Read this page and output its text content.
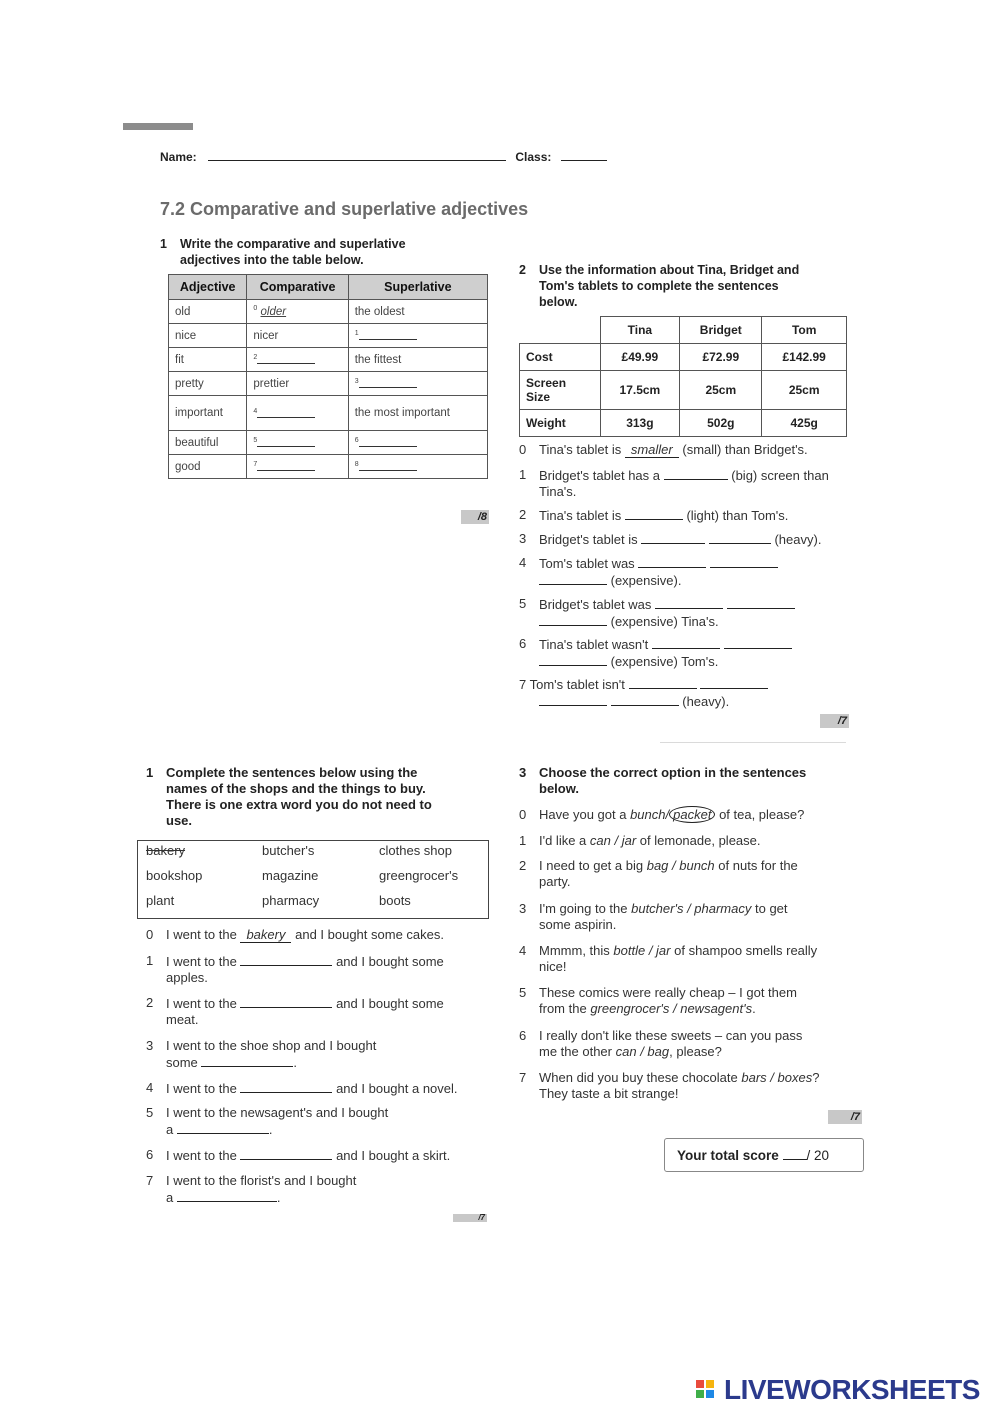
Name:	Class:
7.2 Comparative and superlative adjectives
1 Write the comparative and superlative
adjectives into the table below.
Adjective	Comparative	Superlative
old	$^0$ older	the oldest
nice	nicer	$^1$
fit	$^2$	the fittest
pretty	prettier	$^3$
important	$^4$	the most important
beautiful	$^5$	$^6$
good	$^7$	$^8$
/8
2 Use the information about Tina, Bridget and
Tom's tablets to complete the sentences
below.
	Tina	Bridget	Tom
Cost	£49.99	£72.99	£142.99
Screen
Size	17.5cm	25cm	25cm
Weight	313g	502g	425g
0 Tina's tablet is smaller (small) than Bridget's.
1 Bridget's tablet has a	(big) screen than
Tina's.
2 Tina's tablet is	(light) than Tom's.
3 Bridget's tablet is	(heavy).
4 Tom's tablet was
(expensive).
5 Bridget's tablet was
(expensive) Tina's.
6 Tina's tablet wasn't
(expensive) Tom's.
7 Tom's tablet isn't
(heavy).
/7
1 Complete the sentences below using the
names of the shops and the things to buy.
There is one extra word you do not need to
use.
bakery	butcher's	clothes shop
bookshop	magazine	greengrocer's
plant	pharmacy	boots
0 I went to the bakery and I bought some cakes.
1 I went to the	and I bought some
apples.
2 I went to the	and I bought some
meat.
3 I went to the shoe shop and I bought
some	.
4 I went to the	and I bought a novel.
5 I went to the newsagent's and I bought
a	.
6 I went to the	and I bought a skirt.
7 I went to the florist's and I bought
a	.
/7
3 Choose the correct option in the sentences
below.
0 Have you got a bunch/ packet of tea, please?
1 I'd like a can / jar of lemonade, please.
2 I need to get a big bag / bunch of nuts for the
party.
3 I'm going to the butcher's / pharmacy to get
some aspirin.
4 Mmmm, this bottle / jar of shampoo smells really
nice!
5 These comics were really cheap – I got them
from the greengrocer's / newsagent's.
6 I really don't like these sweets – can you pass
me the other can / bag, please?
7 When did you buy these chocolate bars / boxes?
They taste a bit strange!
/7
Your total score / 20
LIVEWORKSHEETS
